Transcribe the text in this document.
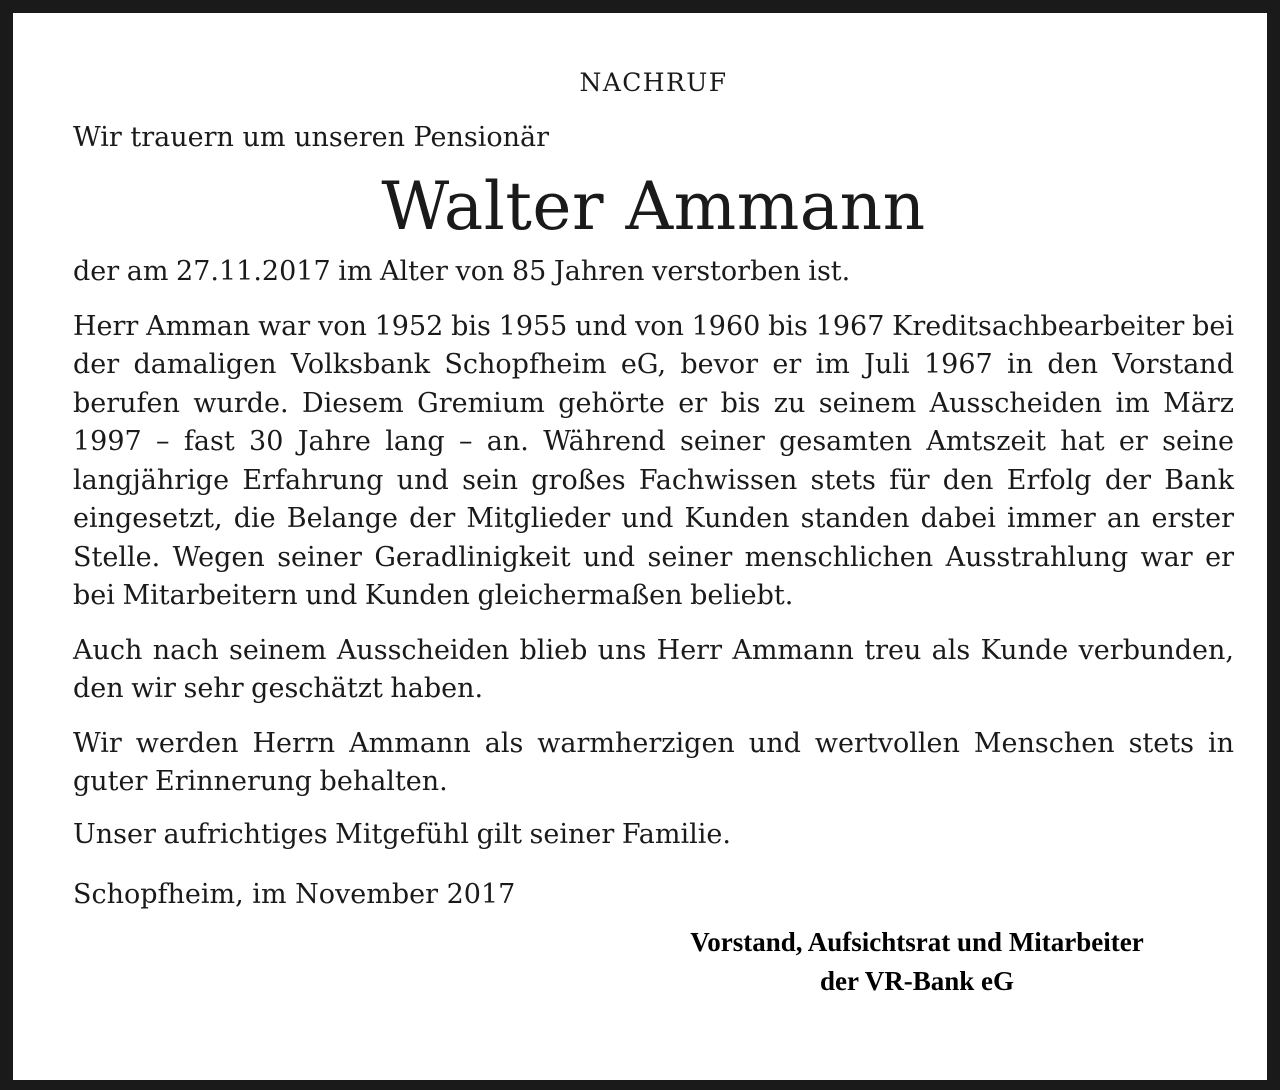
NACHRUF

Wir trauern um unseren Pensionär

Walter Ammann

der am 27.11.2017 im Alter von 85 Jahren verstorben ist.

Herr Amman war von 1952 bis 1955 und von 1960 bis 1967 Kreditsachbearbeiter bei der damaligen Volksbank Schopfheim eG, bevor er im Juli 1967 in den Vorstand berufen wurde. Diesem Gremium gehörte er bis zu seinem Ausscheiden im März 1997 – fast 30 Jahre lang – an. Während seiner gesamten Amtszeit hat er seine langjährige Erfahrung und sein großes Fachwissen stets für den Erfolg der Bank eingesetzt, die Belange der Mitglieder und Kunden standen dabei immer an erster Stelle. Wegen seiner Geradlinigkeit und seiner menschlichen Ausstrahlung war er bei Mitarbeitern und Kunden gleichermaßen beliebt.

Auch nach seinem Ausscheiden blieb uns Herr Ammann treu als Kunde verbunden, den wir sehr geschätzt haben.

Wir werden Herrn Ammann als warmherzigen und wertvollen Menschen stets in guter Erinnerung behalten.

Unser aufrichtiges Mitgefühl gilt seiner Familie.

Schopfheim, im November 2017

Vorstand, Aufsichtsrat und Mitarbeiter
der VR-Bank eG
